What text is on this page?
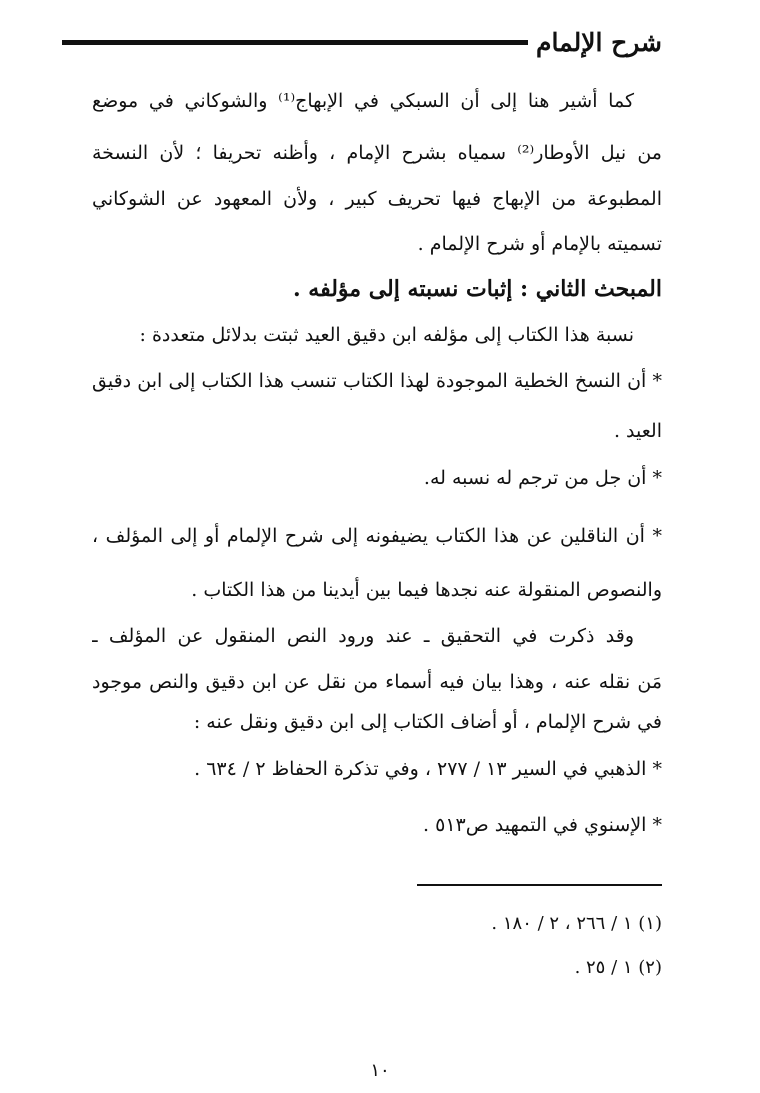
شرح الإلمام
كما أشير هنا إلى أن السبكي في الإبهاج⁽¹⁾ والشوكاني في موضع
من نيل الأوطار⁽²⁾ سمياه بشرح الإمام ، وأظنه تحريفا ؛ لأن النسخة
المطبوعة من الإبهاج فيها تحريف كبير ، ولأن المعهود عن الشوكاني
تسميته بالإمام أو شرح الإلمام .
المبحث الثاني : إثبات نسبته إلى مؤلفه .
نسبة هذا الكتاب إلى مؤلفه ابن دقيق العيد ثبتت بدلائل متعددة :
* أن النسخ الخطية الموجودة لهذا الكتاب تنسب هذا الكتاب إلى ابن دقيق
العيد .
* أن جل من ترجم له نسبه له.
* أن الناقلين عن هذا الكتاب يضيفونه إلى شرح الإلمام أو إلى المؤلف ،
والنصوص المنقولة عنه نجدها فيما بين أيدينا من هذا الكتاب .
وقد ذكرت في التحقيق ـ عند ورود النص المنقول عن المؤلف ـ
مَن نقله عنه ، وهذا بيان فيه أسماء من نقل عن ابن دقيق والنص موجود
في شرح الإلمام ، أو أضاف الكتاب إلى ابن دقيق ونقل عنه :
* الذهبي في السير ١٣ / ٢٧٧ ، وفي تذكرة الحفاظ ٢ / ٦٣٤ .
* الإسنوي في التمهيد ص٥١٣ .
(١) ١ / ٢٦٦ ، ٢ / ١٨٠ .
(٢) ١ / ٢٥ .
١٠
